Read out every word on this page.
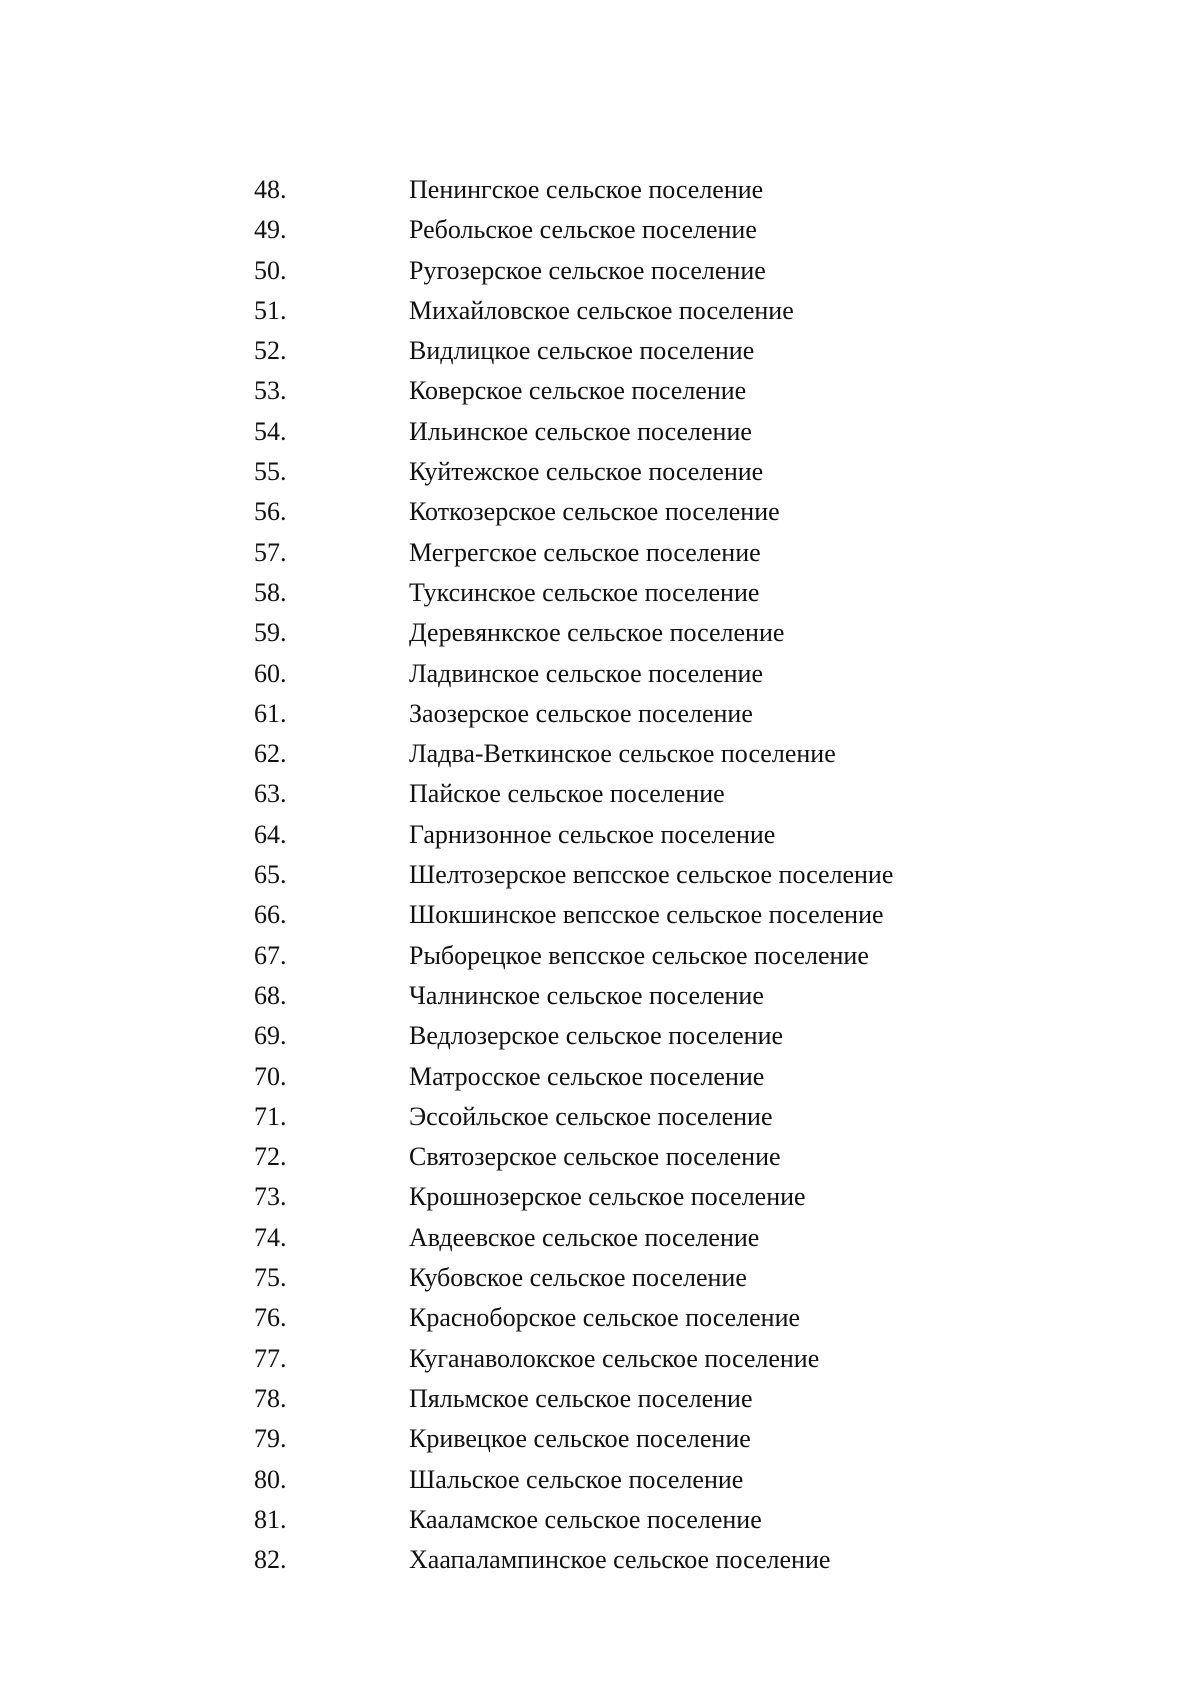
48.	Пенингское сельское поселение
49.	Ребольское сельское поселение
50.	Ругозерское сельское поселение
51.	Михайловское сельское поселение
52.	Видлицкое сельское поселение
53.	Коверское сельское поселение
54.	Ильинское сельское поселение
55.	Куйтежское сельское поселение
56.	Коткозерское сельское поселение
57.	Мегрегское сельское поселение
58.	Туксинское сельское поселение
59.	Деревянкское сельское поселение
60.	Ладвинское сельское поселение
61.	Заозерское сельское поселение
62.	Ладва-Веткинское сельское поселение
63.	Пайское сельское поселение
64.	Гарнизонное сельское поселение
65.	Шелтозерское вепсское сельское поселение
66.	Шокшинское вепсское сельское поселение
67.	Рыборецкое вепсское сельское поселение
68.	Чалнинское сельское поселение
69.	Ведлозерское сельское поселение
70.	Матросское сельское поселение
71.	Эссойльское сельское поселение
72.	Святозерское сельское поселение
73.	Крошнозерское сельское поселение
74.	Авдеевское сельское поселение
75.	Кубовское сельское поселение
76.	Красноборское сельское поселение
77.	Куганаволокское сельское поселение
78.	Пяльмское сельское поселение
79.	Кривецкое сельское поселение
80.	Шальское сельское поселение
81.	Кааламское сельское поселение
82.	Хаапалампинское сельское поселение
